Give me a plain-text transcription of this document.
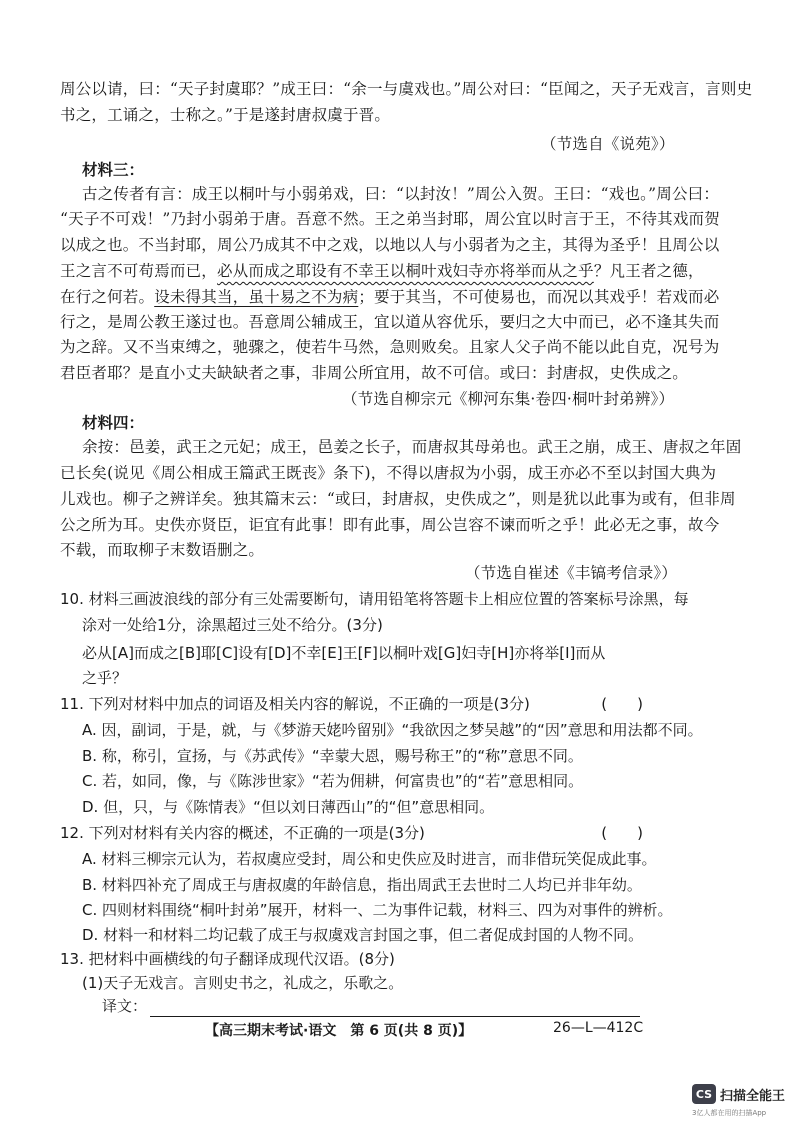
周公以请，曰：“天子封虞耶？”成王曰：“余一与虞戏也。”周公对曰：“臣闻之，天子无戏言，言则史
书之，工诵之，士称之。”于是遂封唐叔虞于晋。
（节选自《说苑》）
材料三：
古之传者有言：成王以桐叶与小弱弟戏，曰：“以封汝！”周公入贺。王曰：“戏也。”周公曰：
“天子不可戏！”乃封小弱弟于唐。吾意不然。王之弟当封耶，周公宜以时言于王，不待其戏而贺
以成之也。不当封耶，周公乃成其不中之戏，以地以人与小弱者为之主，其得为圣乎！且周公以
王之言不可苟焉而已，必从而成之耶设有不幸王以桐叶戏妇寺亦将举而从之乎？凡王者之德，
在行之何若。设未得其当，虽十易之不为病；要于其当，不可使易也，而况以其戏乎！若戏而必
行之，是周公教王遂过也。吾意周公辅成王，宜以道从容优乐，要归之大中而已，必不逢其失而
为之辞。又不当束缚之，驰骤之，使若牛马然，急则败矣。且家人父子尚不能以此自克，况号为
君臣者耶？是直小丈夫缺缺者之事，非周公所宜用，故不可信。或曰：封唐叔，史佚成之。
（节选自柳宗元《柳河东集·卷四·桐叶封弟辨》）
材料四：
余按：邑姜，武王之元妃；成王，邑姜之长子，而唐叔其母弟也。武王之崩，成王、唐叔之年固
已长矣(说见《周公相成王篇武王既丧》条下)，不得以唐叔为小弱，成王亦必不至以封国大典为
儿戏也。柳子之辨详矣。独其篇末云：“或曰，封唐叔，史佚成之”，则是犹以此事为或有，但非周
公之所为耳。史佚亦贤臣，讵宜有此事！即有此事，周公岂容不谏而听之乎！此必无之事，故今
不载，而取柳子末数语删之。
（节选自崔述《丰镐考信录》）
10. 材料三画波浪线的部分有三处需要断句，请用铅笔将答题卡上相应位置的答案标号涂黑，每
涂对一处给1分，涂黑超过三处不给分。(3分)
必从[A]而成之[B]耶[C]设有[D]不幸[E]王[F]以桐叶戏[G]妇寺[H]亦将举[I]而从
之乎？
11. 下列对材料中加点的词语及相关内容的解说，不正确的一项是(3分)	(　　)
A. 因，副词，于是，就，与《梦游天姥吟留别》“我欲因之梦吴越”的“因”意思和用法都不同。
B. 称，称引，宣扬，与《苏武传》“幸蒙大恩，赐号称王”的“称”意思不同。
C. 若，如同，像，与《陈涉世家》“若为佣耕，何富贵也”的“若”意思相同。
D. 但，只，与《陈情表》“但以刘日薄西山”的“但”意思相同。
12. 下列对材料有关内容的概述，不正确的一项是(3分)	(　　)
A. 材料三柳宗元认为，若叔虞应受封，周公和史佚应及时进言，而非借玩笑促成此事。
B. 材料四补充了周成王与唐叔虞的年龄信息，指出周武王去世时二人均已并非年幼。
C. 四则材料围绕“桐叶封弟”展开，材料一、二为事件记载，材料三、四为对事件的辨析。
D. 材料一和材料二均记载了成王与叔虞戏言封国之事，但二者促成封国的人物不同。
13. 把材料中画横线的句子翻译成现代汉语。(8分)
(1)天子无戏言。言则史书之，礼成之，乐歌之。
译文：
【高三期末考试·语文　第 6 页(共 8 页)】	26—L—412C
CS 扫描全能王
3亿人都在用的扫描App
